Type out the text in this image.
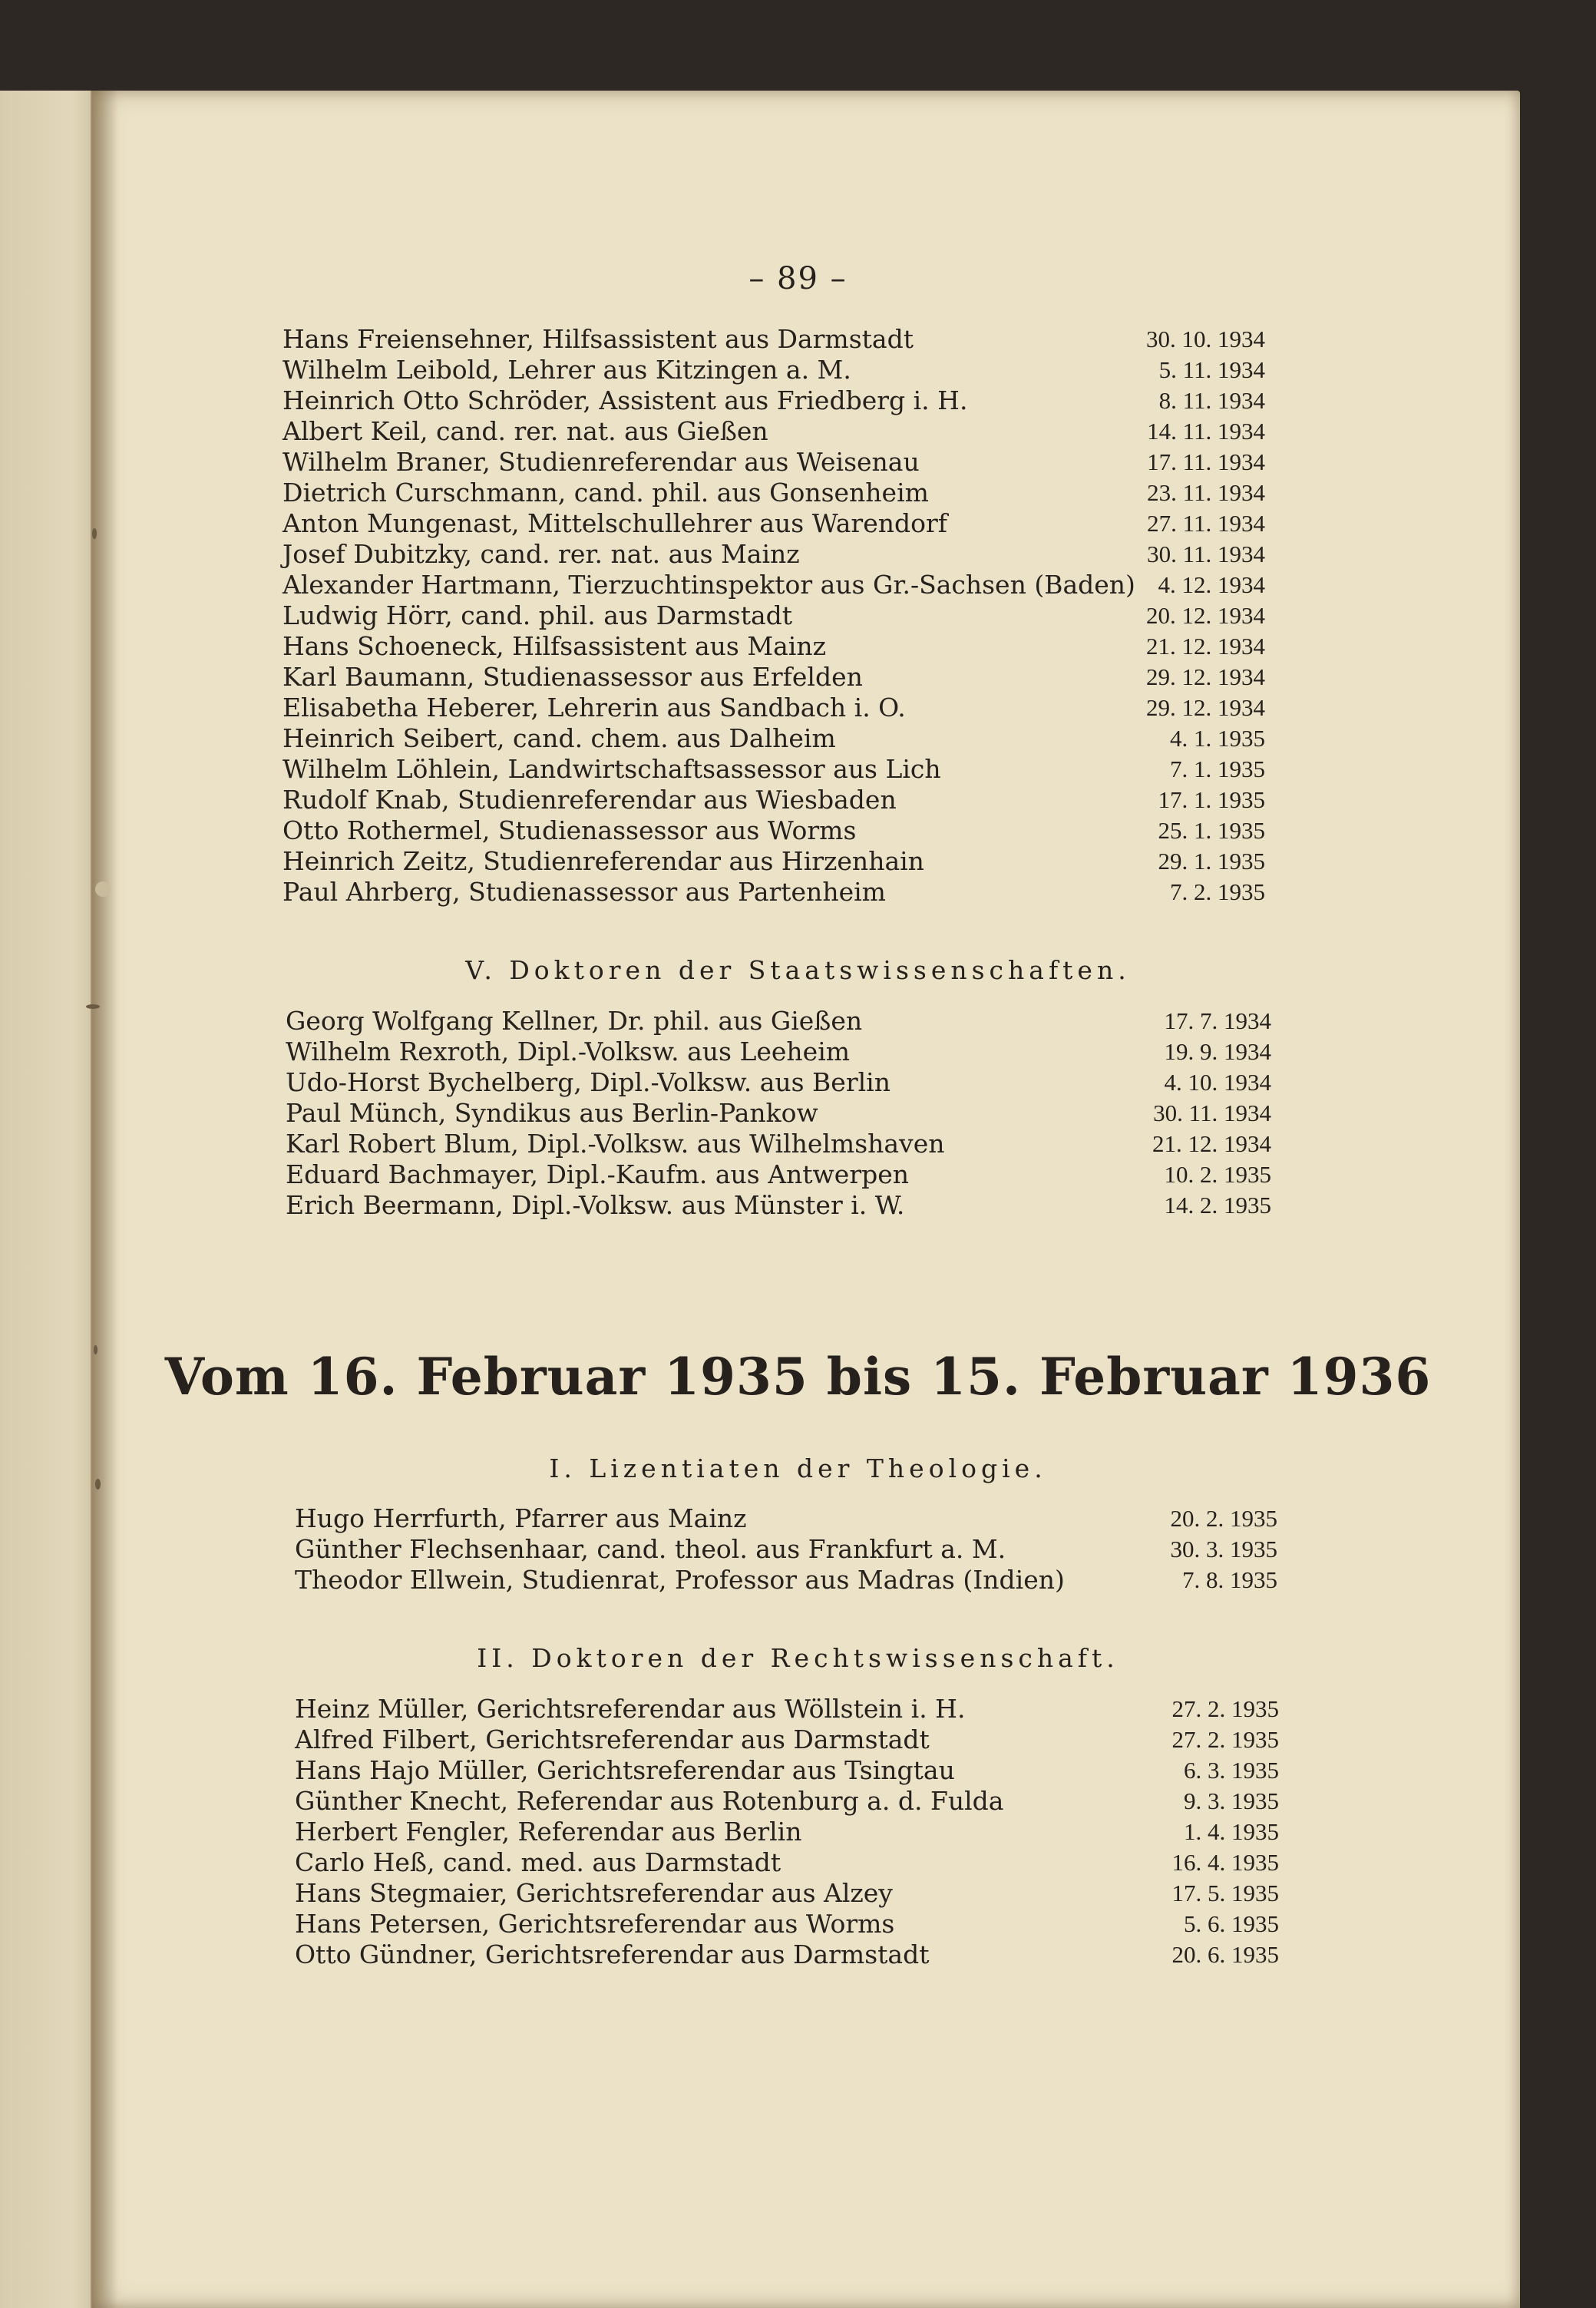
– 89 –
Hans Freiensehner, Hilfsassistent aus Darmstadt	30. 10. 1934
Wilhelm Leibold, Lehrer aus Kitzingen a. M.	5. 11. 1934
Heinrich Otto Schröder, Assistent aus Friedberg i. H.	8. 11. 1934
Albert Keil, cand. rer. nat. aus Gießen	14. 11. 1934
Wilhelm Braner, Studienreferendar aus Weisenau	17. 11. 1934
Dietrich Curschmann, cand. phil. aus Gonsenheim	23. 11. 1934
Anton Mungenast, Mittelschullehrer aus Warendorf	27. 11. 1934
Josef Dubitzky, cand. rer. nat. aus Mainz	30. 11. 1934
Alexander Hartmann, Tierzuchtinspektor aus Gr.-Sachsen (Baden) 4. 12. 1934
Ludwig Hörr, cand. phil. aus Darmstadt	20. 12. 1934
Hans Schoeneck, Hilfsassistent aus Mainz	21. 12. 1934
Karl Baumann, Studienassessor aus Erfelden	29. 12. 1934
Elisabetha Heberer, Lehrerin aus Sandbach i. O.	29. 12. 1934
Heinrich Seibert, cand. chem. aus Dalheim	4. 1. 1935
Wilhelm Löhlein, Landwirtschaftsassessor aus Lich	7. 1. 1935
Rudolf Knab, Studienreferendar aus Wiesbaden	17. 1. 1935
Otto Rothermel, Studienassessor aus Worms	25. 1. 1935
Heinrich Zeitz, Studienreferendar aus Hirzenhain	29. 1. 1935
Paul Ahrberg, Studienassessor aus Partenheim	7. 2. 1935
V. Doktoren der Staatswissenschaften.
Georg Wolfgang Kellner, Dr. phil. aus Gießen	17. 7. 1934
Wilhelm Rexroth, Dipl.-Volksw. aus Leeheim	19. 9. 1934
Udo-Horst Bychelberg, Dipl.-Volksw. aus Berlin	4. 10. 1934
Paul Münch, Syndikus aus Berlin-Pankow	30. 11. 1934
Karl Robert Blum, Dipl.-Volksw. aus Wilhelmshaven	21. 12. 1934
Eduard Bachmayer, Dipl.-Kaufm. aus Antwerpen	10. 2. 1935
Erich Beermann, Dipl.-Volksw. aus Münster i. W.	14. 2. 1935
Vom 16. Februar 1935 bis 15. Februar 1936
I. Lizentiaten der Theologie.
Hugo Herrfurth, Pfarrer aus Mainz	20. 2. 1935
Günther Flechsenhaar, cand. theol. aus Frankfurt a. M.	30. 3. 1935
Theodor Ellwein, Studienrat, Professor aus Madras (Indien)	7. 8. 1935
II. Doktoren der Rechtswissenschaft.
Heinz Müller, Gerichtsreferendar aus Wöllstein i. H.	27. 2. 1935
Alfred Filbert, Gerichtsreferendar aus Darmstadt	27. 2. 1935
Hans Hajo Müller, Gerichtsreferendar aus Tsingtau	6. 3. 1935
Günther Knecht, Referendar aus Rotenburg a. d. Fulda	9. 3. 1935
Herbert Fengler, Referendar aus Berlin	1. 4. 1935
Carlo Heß, cand. med. aus Darmstadt	16. 4. 1935
Hans Stegmaier, Gerichtsreferendar aus Alzey	17. 5. 1935
Hans Petersen, Gerichtsreferendar aus Worms	5. 6. 1935
Otto Gündner, Gerichtsreferendar aus Darmstadt	20. 6. 1935
